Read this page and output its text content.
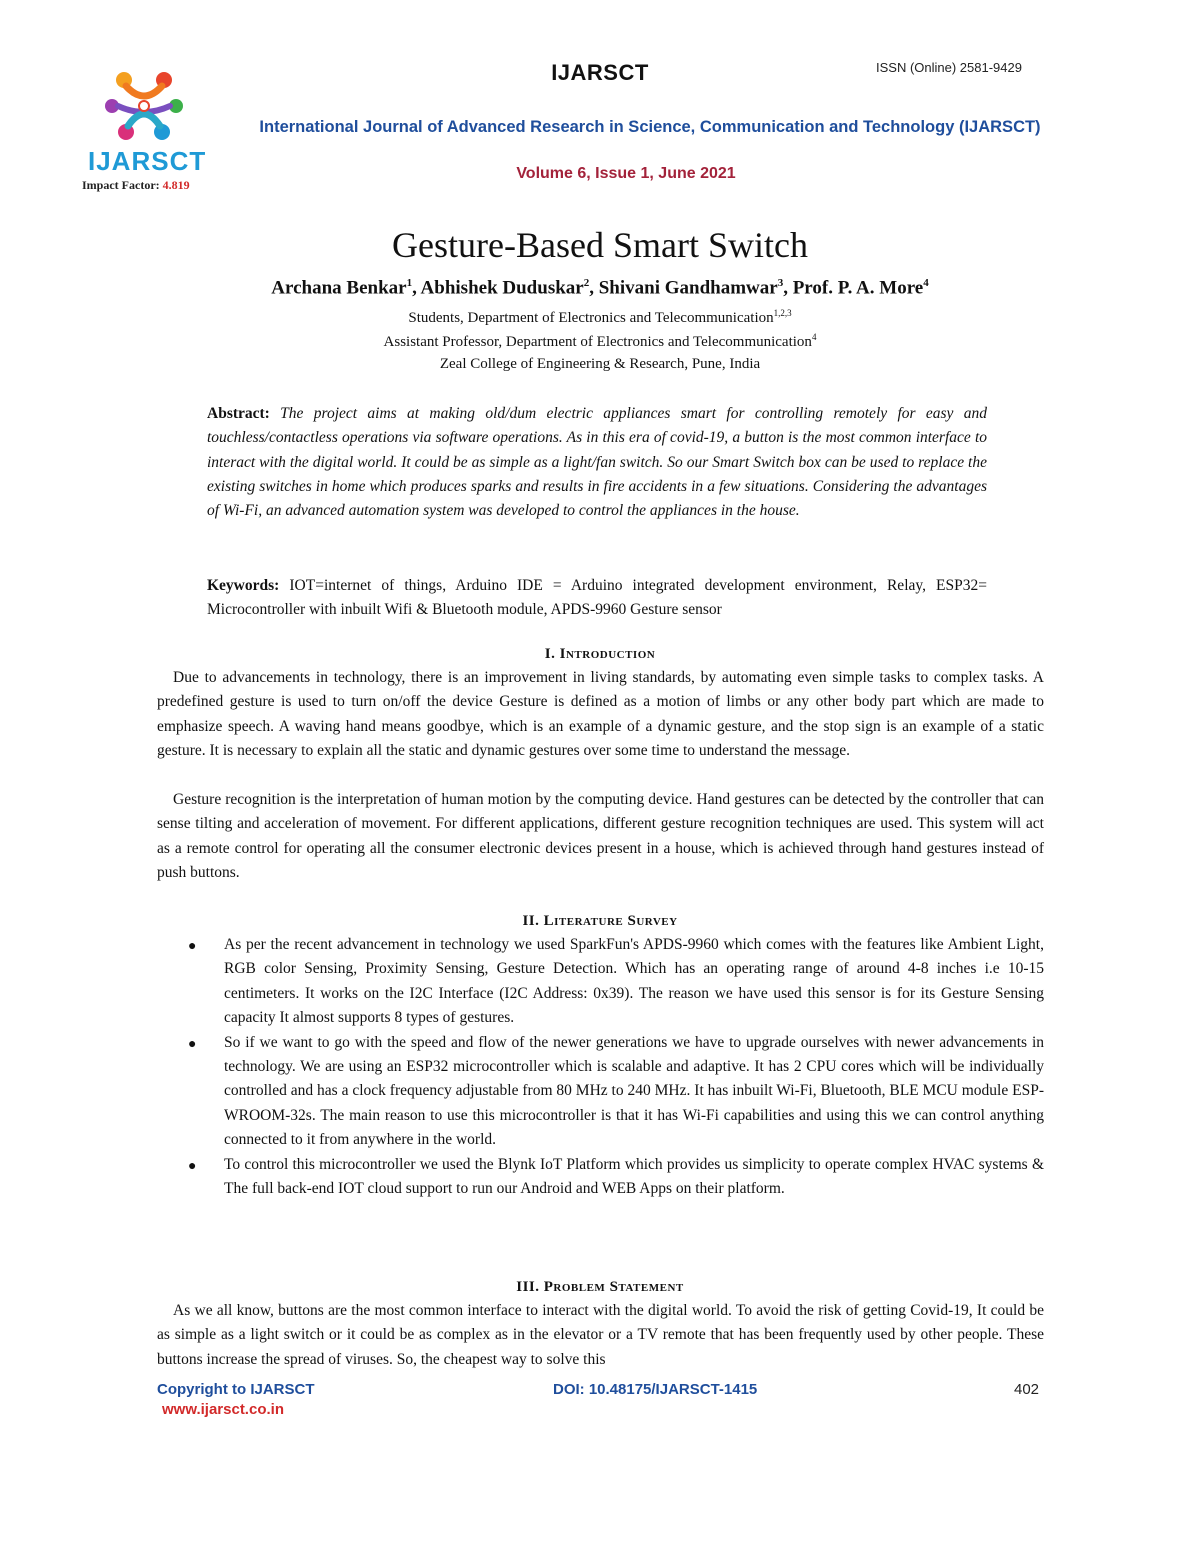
IJARSCT	ISSN (Online) 2581-9429
IJARSCT
Impact Factor: 4.819
International Journal of Advanced Research in Science, Communication and Technology (IJARSCT)
Volume 6, Issue 1, June 2021
Gesture-Based Smart Switch
Archana Benkar$^1$, Abhishek Duduskar$^2$, Shivani Gandhamwar$^3$, Prof. P. A. More$^4$
Students, Department of Electronics and Telecommunication$^{1,2,3}$
Assistant Professor, Department of Electronics and Telecommunication$^4$
Zeal College of Engineering & Research, Pune, India
Abstract: The project aims at making old/dum electric appliances smart for controlling remotely for easy and touchless/contactless operations via software operations. As in this era of covid-19, a button is the most common interface to interact with the digital world. It could be as simple as a light/fan switch. So our Smart Switch box can be used to replace the existing switches in home which produces sparks and results in fire accidents in a few situations. Considering the advantages of Wi-Fi, an advanced automation system was developed to control the appliances in the house.
Keywords: IOT=internet of things, Arduino IDE = Arduino integrated development environment, Relay, ESP32= Microcontroller with inbuilt Wifi & Bluetooth module, APDS-9960 Gesture sensor
I. Introduction
Due to advancements in technology, there is an improvement in living standards, by automating even simple tasks to complex tasks. A predefined gesture is used to turn on/off the device Gesture is defined as a motion of limbs or any other body part which are made to emphasize speech. A waving hand means goodbye, which is an example of a dynamic gesture, and the stop sign is an example of a static gesture. It is necessary to explain all the static and dynamic gestures over some time to understand the message.
Gesture recognition is the interpretation of human motion by the computing device. Hand gestures can be detected by the controller that can sense tilting and acceleration of movement. For different applications, different gesture recognition techniques are used. This system will act as a remote control for operating all the consumer electronic devices present in a house, which is achieved through hand gestures instead of push buttons.
II. Literature Survey
● As per the recent advancement in technology we used SparkFun's APDS-9960 which comes with the features like Ambient Light, RGB color Sensing, Proximity Sensing, Gesture Detection. Which has an operating range of around 4-8 inches i.e 10-15 centimeters. It works on the I2C Interface (I2C Address: 0x39). The reason we have used this sensor is for its Gesture Sensing capacity It almost supports 8 types of gestures.
● So if we want to go with the speed and flow of the newer generations we have to upgrade ourselves with newer advancements in technology. We are using an ESP32 microcontroller which is scalable and adaptive. It has 2 CPU cores which will be individually controlled and has a clock frequency adjustable from 80 MHz to 240 MHz. It has inbuilt Wi-Fi, Bluetooth, BLE MCU module ESP-WROOM-32s. The main reason to use this microcontroller is that it has Wi-Fi capabilities and using this we can control anything connected to it from anywhere in the world.
● To control this microcontroller we used the Blynk IoT Platform which provides us simplicity to operate complex HVAC systems & The full back-end IOT cloud support to run our Android and WEB Apps on their platform.
III. Problem Statement
As we all know, buttons are the most common interface to interact with the digital world. To avoid the risk of getting Covid-19, It could be as simple as a light switch or it could be as complex as in the elevator or a TV remote that has been frequently used by other people. These buttons increase the spread of viruses. So, the cheapest way to solve this
Copyright to IJARSCT
www.ijarsct.co.in
DOI: 10.48175/IJARSCT-1415	402
